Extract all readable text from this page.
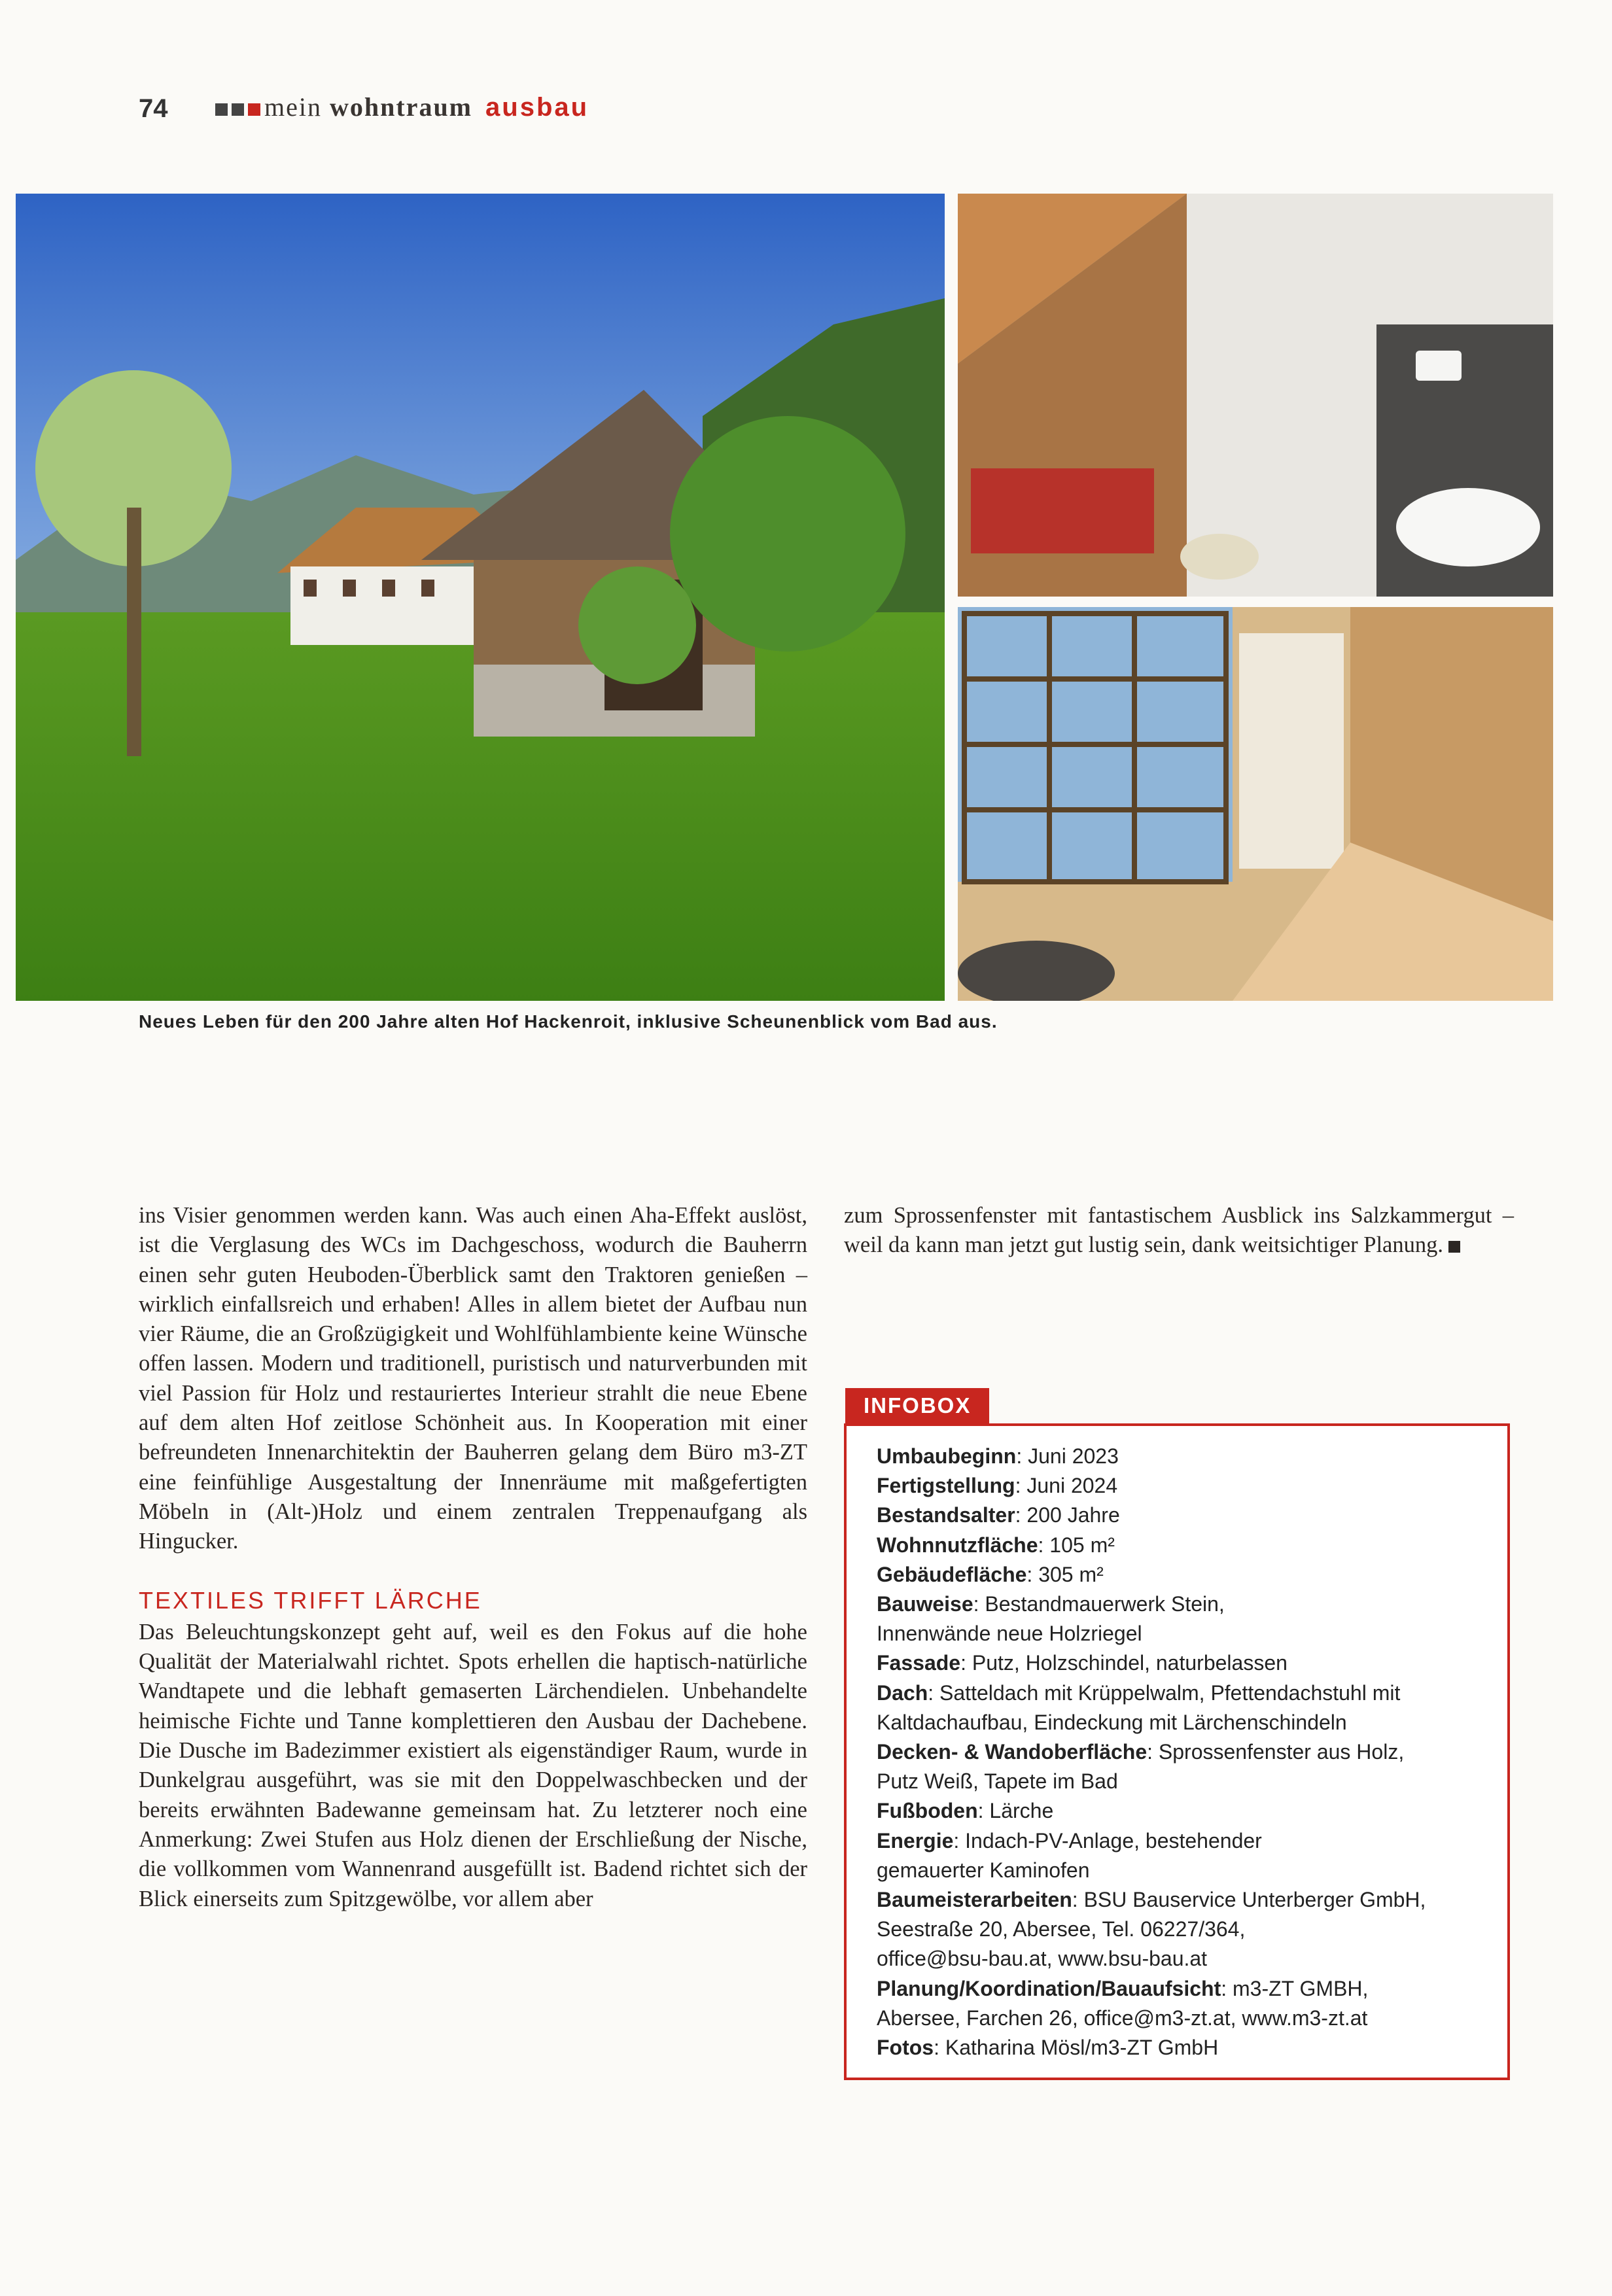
74	mein wohntraum ausbau
Neues Leben für den 200 Jahre alten Hof Hackenroit, inklusive Scheunenblick vom Bad aus.

ins Visier genommen werden kann. Was auch einen Aha-Effekt auslöst, ist die Verglasung des WCs im Dachgeschoss, wodurch die Bauherrn einen sehr guten Heuboden-Überblick samt den Traktoren genießen – wirklich einfallsreich und erhaben! Alles in allem bietet der Aufbau nun vier Räume, die an Großzügigkeit und Wohlfühlambiente keine Wünsche offen lassen. Modern und traditionell, puristisch und naturverbunden mit viel Passion für Holz und restauriertes Interieur strahlt die neue Ebene auf dem alten Hof zeitlose Schönheit aus. In Kooperation mit einer befreundeten Innenarchitektin der Bauherren gelang dem Büro m3-ZT eine feinfühlige Ausgestaltung der Innenräume mit maßgefertigten Möbeln in (Alt-)Holz und einem zentralen Treppenaufgang als Hingucker.

TEXTILES TRIFFT LÄRCHE

Das Beleuchtungskonzept geht auf, weil es den Fokus auf die hohe Qualität der Materialwahl richtet. Spots erhellen die haptisch-natürliche Wandtapete und die lebhaft gemaserten Lärchendielen. Unbehandelte heimische Fichte und Tanne komplettieren den Ausbau der Dachebene. Die Dusche im Badezimmer existiert als eigenständiger Raum, wurde in Dunkelgrau ausgeführt, was sie mit den Doppelwaschbecken und der bereits erwähnten Badewanne gemeinsam hat. Zu letzterer noch eine Anmerkung: Zwei Stufen aus Holz dienen der Erschließung der Nische, die vollkommen vom Wannenrand ausgefüllt ist. Badend richtet sich der Blick einerseits zum Spitzgewölbe, vor allem aber

zum Sprossenfenster mit fantastischem Ausblick ins Salzkammergut – weil da kann man jetzt gut lustig sein, dank weitsichtiger Planung.

INFOBOX
Umbaubeginn: Juni 2023
Fertigstellung: Juni 2024
Bestandsalter: 200 Jahre
Wohnnutzfläche: 105 m²
Gebäudefläche: 305 m²
Bauweise: Bestandmauerwerk Stein,
Innenwände neue Holzriegel
Fassade: Putz, Holzschindel, naturbelassen
Dach: Satteldach mit Krüppelwalm, Pfettendachstuhl mit
Kaltdachaufbau, Eindeckung mit Lärchenschindeln
Decken- & Wandoberfläche: Sprossenfenster aus Holz,
Putz Weiß, Tapete im Bad
Fußboden: Lärche
Energie: Indach-PV-Anlage, bestehender
gemauerter Kaminofen
Baumeisterarbeiten: BSU Bauservice Unterberger GmbH,
Seestraße 20, Abersee, Tel. 06227/364,
office@bsu-bau.at, www.bsu-bau.at
Planung/Koordination/Bauaufsicht: m3-ZT GMBH,
Abersee, Farchen 26, office@m3-zt.at, www.m3-zt.at
Fotos: Katharina Mösl/m3-ZT GmbH
